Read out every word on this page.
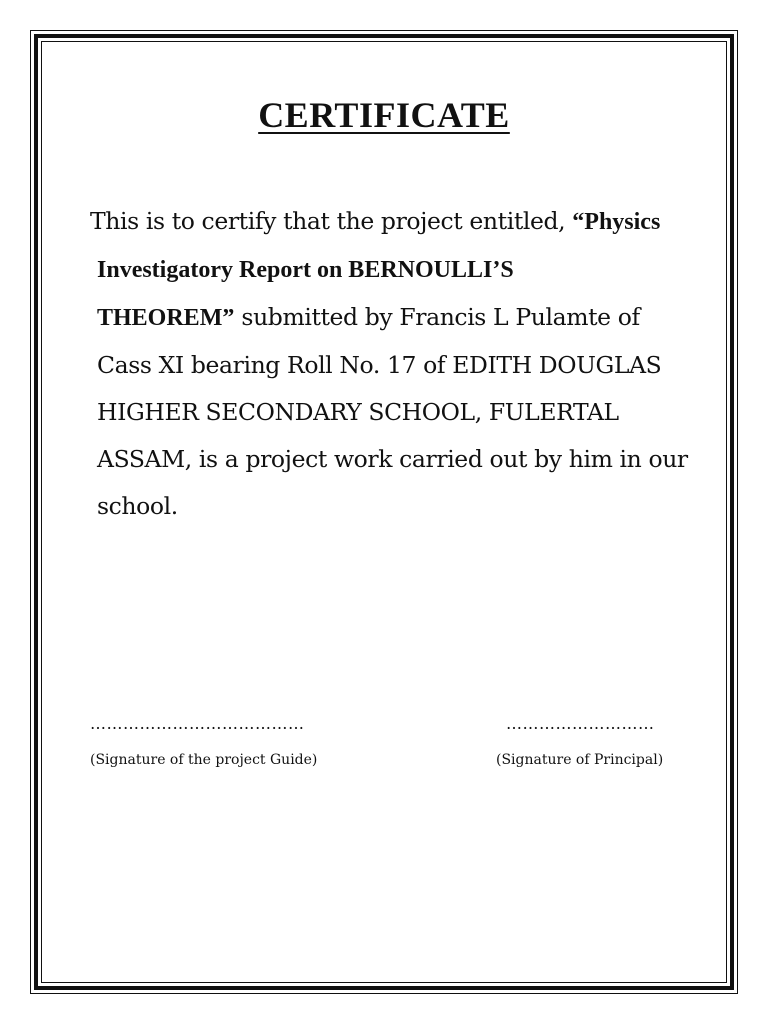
CERTIFICATE
This is to certify that the project entitled, “Physics
Investigatory Report on BERNOULLI’S
THEOREM” submitted by Francis L Pulamte of
Cass XI bearing Roll No. 17 of EDITH DOUGLAS
HIGHER SECONDARY SCHOOL, FULERTAL
ASSAM, is a project work carried out by him in our
school.
…………………………………	………………………
(Signature of the project Guide)	(Signature of Principal)
